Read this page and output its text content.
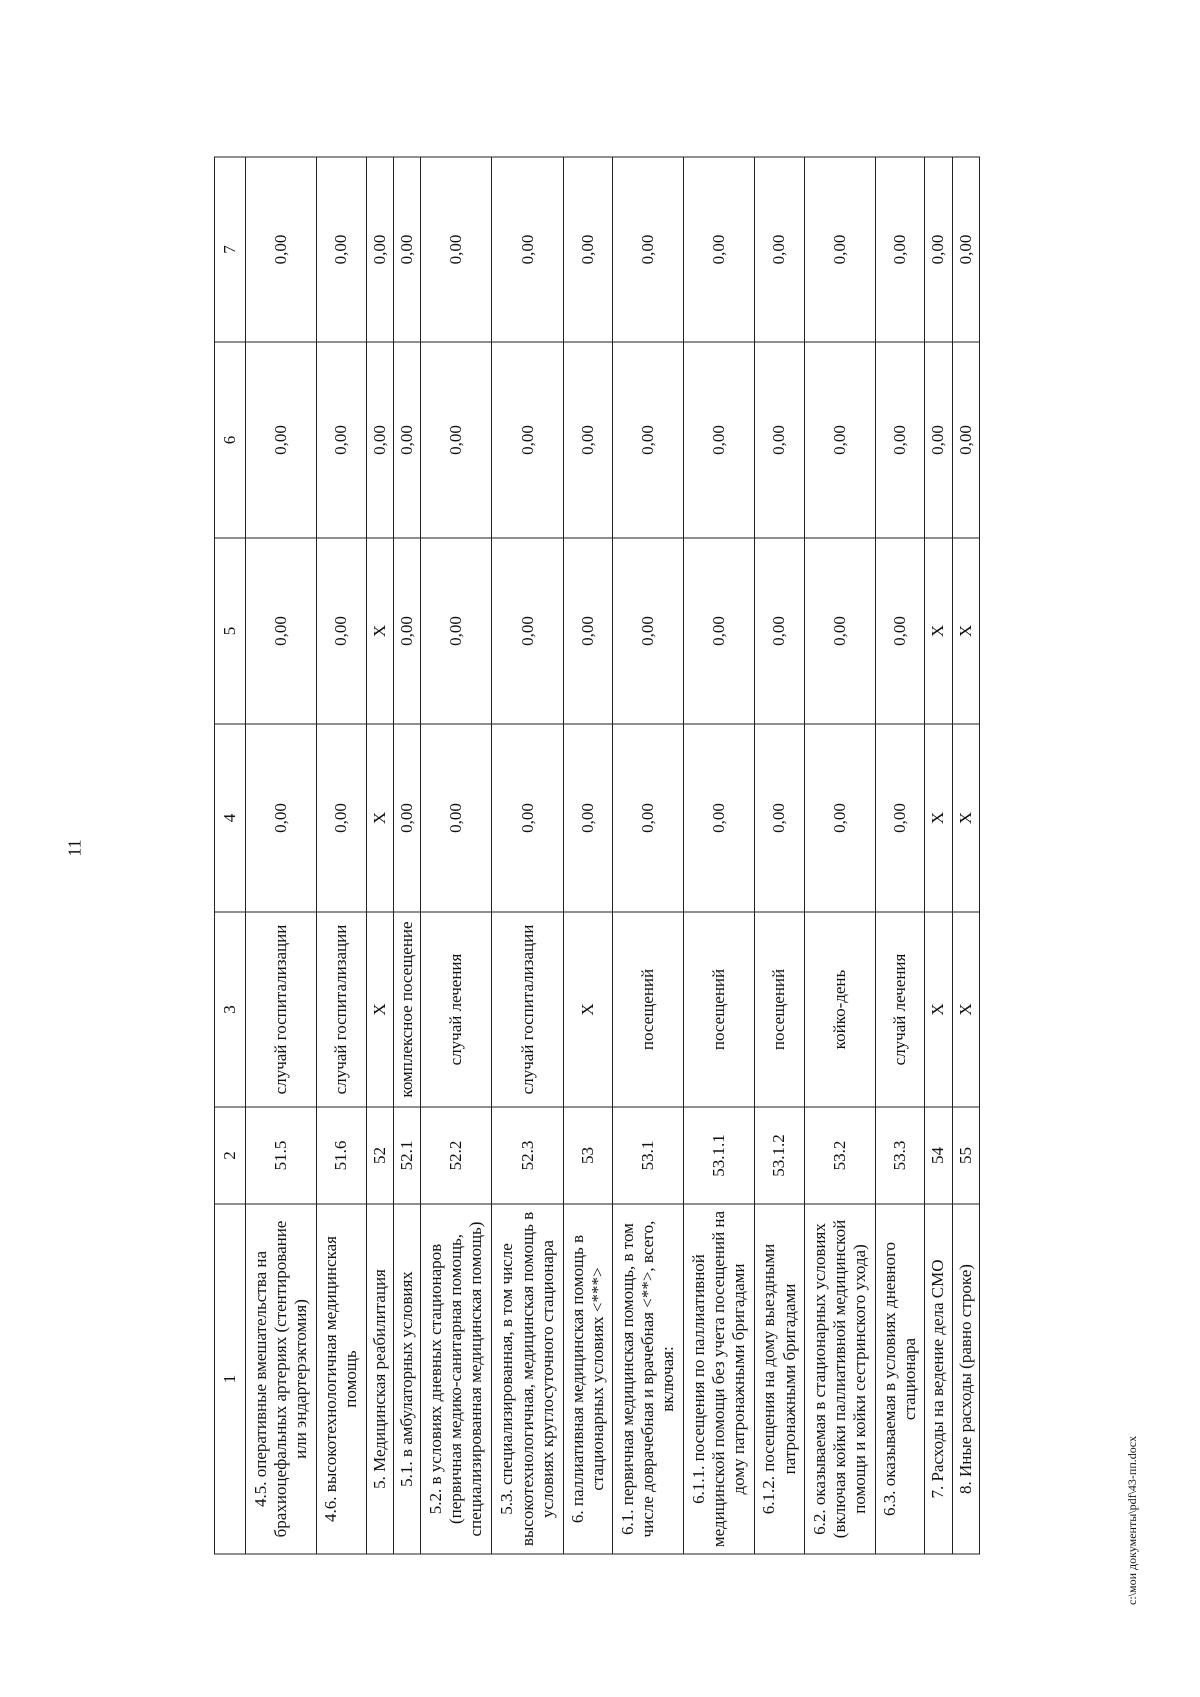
11
1	2	3	4	5	6	7
4.5. оперативные вмешательства на брахиоцефальных артериях (стентирование или эндартерэктомия)	51.5	случай госпитализации	0,00	0,00	0,00	0,00
4.6. высокотехнологичная медицинская помощь	51.6	случай госпитализации	0,00	0,00	0,00	0,00
5. Медицинская реабилитация	52	X	X	X	0,00	0,00
5.1. в амбулаторных условиях	52.1	комплексное посещение	0,00	0,00	0,00	0,00
5.2. в условиях дневных стационаров (первичная медико-санитарная помощь, специализированная медицинская помощь)	52.2	случай лечения	0,00	0,00	0,00	0,00
5.3. специализированная, в том числе высокотехнологичная, медицинская помощь в условиях круглосуточного стационара	52.3	случай госпитализации	0,00	0,00	0,00	0,00
6. паллиативная медицинская помощь в стационарных условиях <***>	53	X	0,00	0,00	0,00	0,00
6.1. первичная медицинская помощь, в том числе доврачебная и врачебная <**>, всего, включая:	53.1	посещений	0,00	0,00	0,00	0,00
6.1.1. посещения по паллиативной медицинской помощи без учета посещений на дому патронажными бригадами	53.1.1	посещений	0,00	0,00	0,00	0,00
6.1.2. посещения на дому выездными патронажными бригадами	53.1.2	посещений	0,00	0,00	0,00	0,00
6.2. оказываемая в стационарных условиях (включая койки паллиативной медицинской помощи и койки сестринского ухода)	53.2	койко-день	0,00	0,00	0,00	0,00
6.3. оказываемая в условиях дневного стационара	53.3	случай лечения	0,00	0,00	0,00	0,00
7. Расходы на ведение дела СМО	54	X	X	X	0,00	0,00
8. Иные расходы (равно строке)	55	X	X	X	0,00	0,00
c:\мои документы\pdf\43-пп.docx
